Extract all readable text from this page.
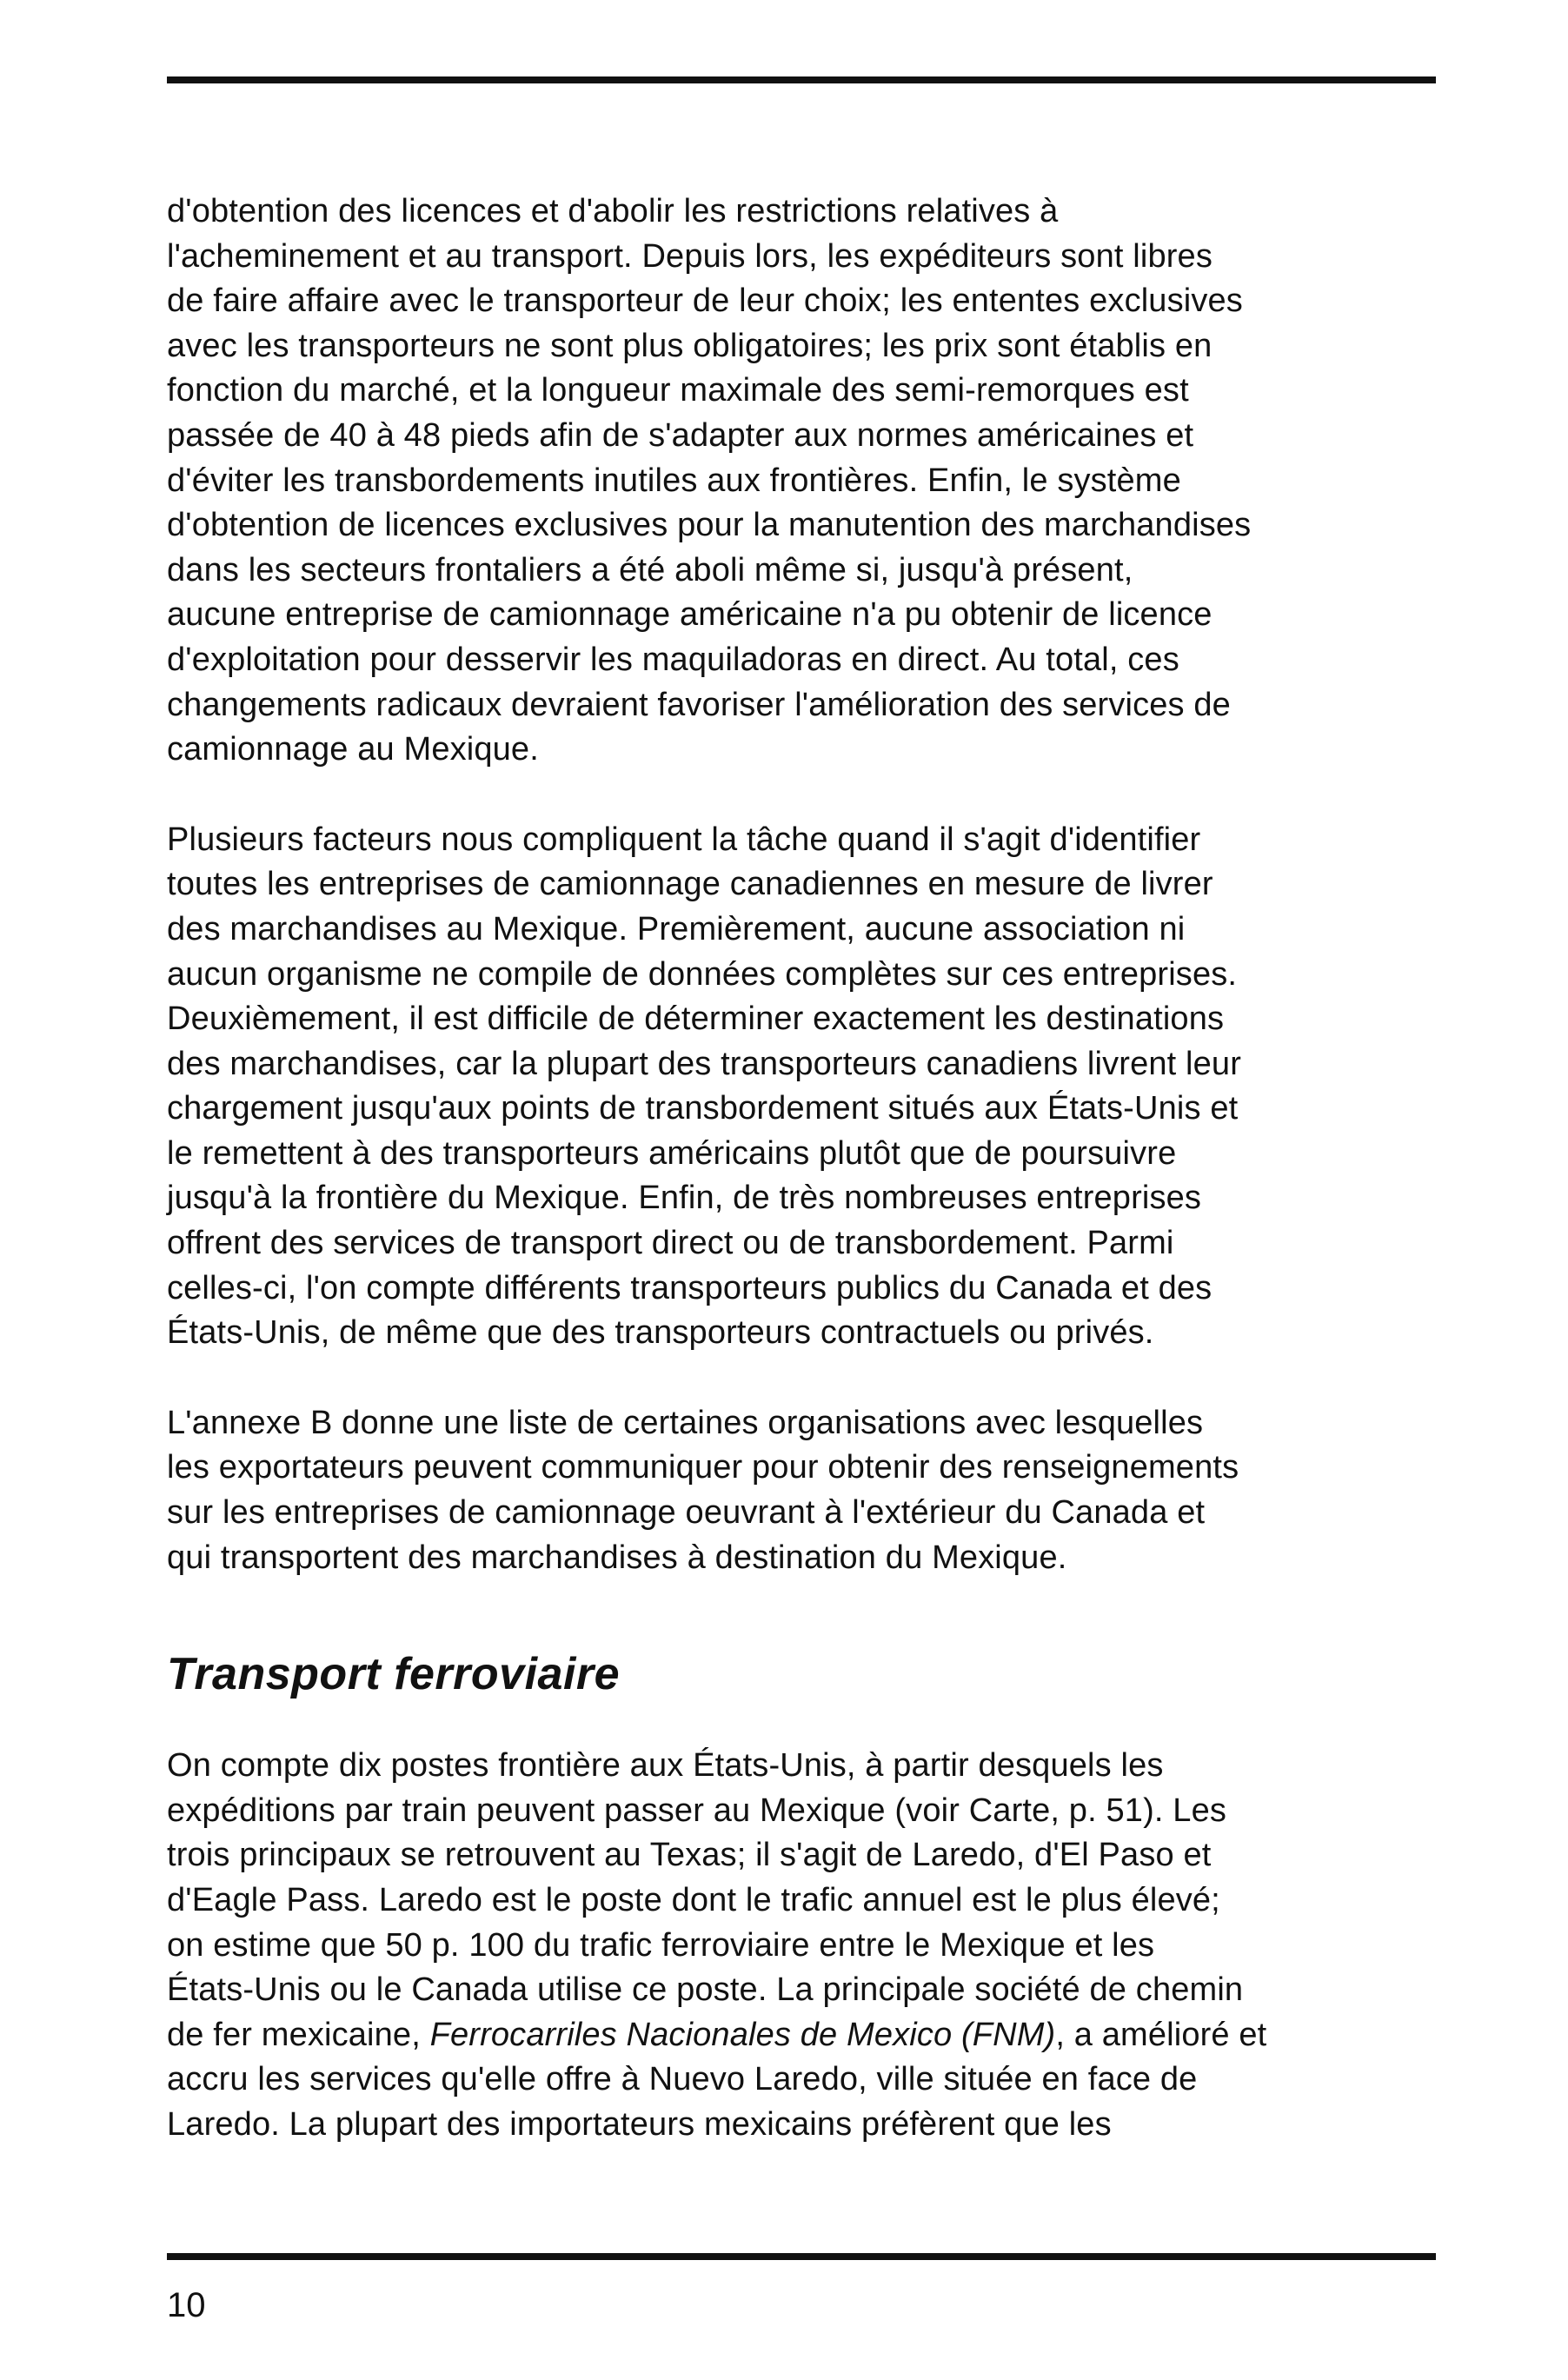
d'obtention des licences et d'abolir les restrictions relatives à
l'acheminement et au transport. Depuis lors, les expéditeurs sont libres
de faire affaire avec le transporteur de leur choix; les ententes exclusives
avec les transporteurs ne sont plus obligatoires; les prix sont établis en
fonction du marché, et la longueur maximale des semi-remorques est
passée de 40 à 48 pieds afin de s'adapter aux normes américaines et
d'éviter les transbordements inutiles aux frontières. Enfin, le système
d'obtention de licences exclusives pour la manutention des marchandises
dans les secteurs frontaliers a été aboli même si, jusqu'à présent,
aucune entreprise de camionnage américaine n'a pu obtenir de licence
d'exploitation pour desservir les maquiladoras en direct. Au total, ces
changements radicaux devraient favoriser l'amélioration des services de
camionnage au Mexique.

Plusieurs facteurs nous compliquent la tâche quand il s'agit d'identifier
toutes les entreprises de camionnage canadiennes en mesure de livrer
des marchandises au Mexique. Premièrement, aucune association ni
aucun organisme ne compile de données complètes sur ces entreprises.
Deuxièmement, il est difficile de déterminer exactement les destinations
des marchandises, car la plupart des transporteurs canadiens livrent leur
chargement jusqu'aux points de transbordement situés aux États-Unis et
le remettent à des transporteurs américains plutôt que de poursuivre
jusqu'à la frontière du Mexique. Enfin, de très nombreuses entreprises
offrent des services de transport direct ou de transbordement. Parmi
celles-ci, l'on compte différents transporteurs publics du Canada et des
États-Unis, de même que des transporteurs contractuels ou privés.

L'annexe B donne une liste de certaines organisations avec lesquelles
les exportateurs peuvent communiquer pour obtenir des renseignements
sur les entreprises de camionnage oeuvrant à l'extérieur du Canada et
qui transportent des marchandises à destination du Mexique.

Transport ferroviaire

On compte dix postes frontière aux États-Unis, à partir desquels les
expéditions par train peuvent passer au Mexique (voir Carte, p. 51). Les
trois principaux se retrouvent au Texas; il s'agit de Laredo, d'El Paso et
d'Eagle Pass. Laredo est le poste dont le trafic annuel est le plus élevé;
on estime que 50 p. 100 du trafic ferroviaire entre le Mexique et les
États-Unis ou le Canada utilise ce poste. La principale société de chemin
de fer mexicaine, Ferrocarriles Nacionales de Mexico (FNM), a amélioré et
accru les services qu'elle offre à Nuevo Laredo, ville située en face de
Laredo. La plupart des importateurs mexicains préfèrent que les

10
